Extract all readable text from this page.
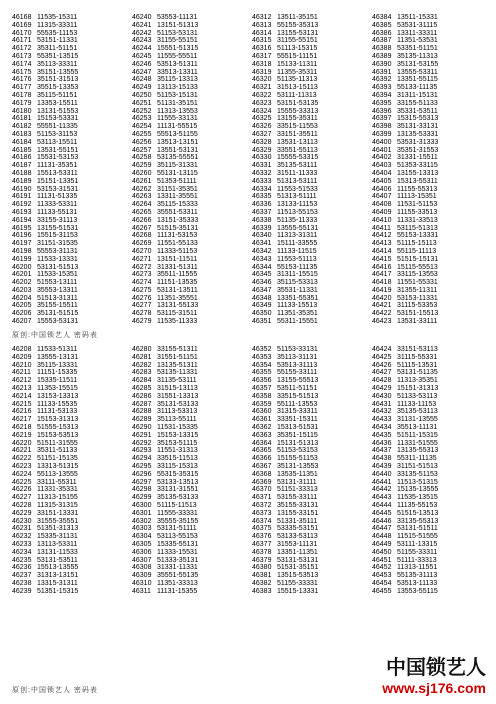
46168
46169
46170
46171
46172
46173
46174
46175
46176
46177
46178
46179
46180
46181
46182
46183
46184
46185
46186
46187
46188
46189
46190
46191
46192
46193
46194
46195
46196
46197
46198
46199
46200
46201
46202
46203
46204
46205
46206
46207
11535-15311
11315-33311
55535-11153
53151-11331
35311-51151
55351-13515
35113-33311
35151-13555
35151-31513
35515-13353
35115-51151
13353-15511
13131-51553
15153-53331
55551-11335
51153-31153
53113-15511
13531-55151
15531-53153
11131-35351
15513-53311
15151-13351
53153-31531
11131-51335
11333-53311
11133-55131
33155-31113
13155-51531
15515-31153
31151-31535
55553-31131
11533-13331
53131-51513
11533-15351
51553-13111
35553-13311
51513-31311
35155-15511
35131-51515
15553-53131
46240
46241
46242
46243
46244
46245
46246
46247
46248
46249
46250
46251
46252
46253
46254
46255
46256
46257
46258
46259
46260
46261
46262
46263
46264
46265
46266
46267
46268
46269
46270
46271
46272
46273
46274
46275
46276
46277
46278
46279
53553-11131
13151-51313
51153-53131
31155-55151
15551-51315
11555-55511
53513-51311
33513-13311
35115-13313
13113-15133
51153-15131
51131-35151
11313-13553
11555-33131
11131-55515
55513-51155
13513-13151
13551-53131
53135-55551
35115-31331
55131-13115
51353-51111
31151-35351
13311-35551
35115-15333
35551-53311
13151-35333
51515-35131
11131-53153
11551-55133
11333-51153
13151-11511
31331-51311
35511-11555
11151-13535
53131-13511
11351-35551
13131-55133
53115-31511
11535-11333
46312
46313
46314
46315
46316
46317
46318
46319
46320
46321
46322
46323
46324
46325
46326
46327
46328
46329
46330
46331
46332
46333
46334
46335
46336
46337
46338
46339
46340
46341
46342
46343
46344
46345
46346
46347
46348
46349
46350
46351
13511-35151
55155-35313
13155-53131
31155-55151
51113-15315
55515-11151
15133-11311
11355-35311
51135-11313
31513-15113
53111-11313
53151-53135
15555-33313
13155-35311
33515-11553
33151-35511
13531-13113
33551-55113
15555-53315
35135-53111
31511-11333
51313-53111
11553-51533
51313-51111
13133-11153
11513-55153
51135-11333
13555-55131
11313-31311
15111-33555
11133-11515
11553-51113
55153-11135
31311-15515
35115-53313
35531-11331
13351-55351
11133-15513
11351-35351
55311-15551
46384
46385
46386
46387
46388
46389
46390
46391
46392
46393
46394
46395
46396
46397
46398
46399
46400
46401
46402
46403
46404
46405
46406
46407
46408
46409
46410
46411
46412
46413
46414
46415
46416
46417
46418
46419
46420
46421
46422
46423
13511-15331
53531-31115
13311-33311
11351-53531
53351-51151
35135-11313
35131-53155
13555-53311
13351-55115
55133-11135
31311-15131
33155-51133
35331-53511
15315-55313
35131-33131
13135-53331
53531-31333
35351-31553
31331-15511
51353-33115
13155-13313
15313-55311
11155-55313
11113-15351
11531-51153
11155-33513
11331-33513
53115-51313
55153-13331
51115-15113
55115-11113
51515-15131
15115-55513
33115-13553
11551-55331
31355-11311
53153-11331
31115-53353
53151-15513
13531-33111
原创:中国锁艺人 密码表
46208
46209
46210
46211
46212
46213
46214
46215
46216
46217
46218
46219
46220
46221
46222
46223
46224
46225
46226
46227
46228
46229
46230
46231
46232
46233
46234
46235
46236
46237
46238
46239
11533-51311
13555-13131
35115-13331
11151-15335
15335-11511
11353-15515
13153-13313
11133-15535
11131-53133
15153-31313
51555-15313
15153-53513
51511-31555
35311-51133
51151-15135
13313-51315
55113-13555
33111-55311
11331-35331
11313-15155
11315-31315
33151-13331
31555-35551
51351-31313
15335-31131
13113-53311
13131-11533
53131-53511
15513-13555
31313-13151
13315-31311
51351-15315
46280
46281
46282
46283
46284
46285
46286
46287
46288
46289
46290
46291
46292
46293
46294
46295
46296
46297
46298
46299
46300
46301
46302
46303
46304
46305
46306
46307
46308
46309
46310
46311
33155-51311
31551-51151
13135-51311
53135-11331
31135-53111
31515-13113
31551-13313
35131-53133
31113-53313
35113-55111
11531-15335
15153-13315
35153-51115
11551-31313
33515-11513
33115-15313
55315-35315
53133-13513
33131-31551
35135-53133
51115-11513
11555-33331
35555-35155
53131-51111
53113-55153
15335-55131
11333-15531
51333-35131
31331-11331
35551-55135
11351-33313
11131-15355
46352
46353
46354
46355
46356
46357
46358
46359
46360
46361
46362
46363
46364
46365
46366
46367
46368
46369
46370
46371
46372
46373
46374
46375
46376
46377
46378
46379
46380
46381
46382
46383
51153-33131
35113-31131
53513-31113
55155-33111
13155-55513
53511-51151
33515-51513
55111-13553
31315-33311
33351-15311
15313-51531
35351-15115
15131-51313
51153-53153
15155-51153
35131-13553
13535-11351
53131-31111
51151-33313
53155-33111
35155-33131
13155-33151
51331-35111
53335-53151
53133-53113
31553-11131
13351-11351
53131-53131
51531-35151
13515-53513
51155-33331
15515-13331
46424
46425
46426
46427
46428
46429
46430
46431
46432
46433
46434
46435
46436
46437
46438
46439
46440
46441
46442
46443
46444
46445
46446
46447
46448
46449
46450
46451
46452
46453
46454
46455
33151-53113
31115-55331
51115-13531
53131-51135
11313-35351
15151-31313
51133-53113
11133-11153
35135-53113
31131-13555
35513-11131
51511-15315
11331-51555
13135-55313
55311-11135
31151-51513
33135-51153
11513-51315
15135-13555
11535-13515
11135-55153
51515-13513
33135-55313
53131-51511
11515-51555
53111-13315
51155-33311
51111-33313
11313-11551
55135-31113
53513-11133
13553-55115
原创:中国锁艺人 密码表
中国锁艺人
www.sj176.com
